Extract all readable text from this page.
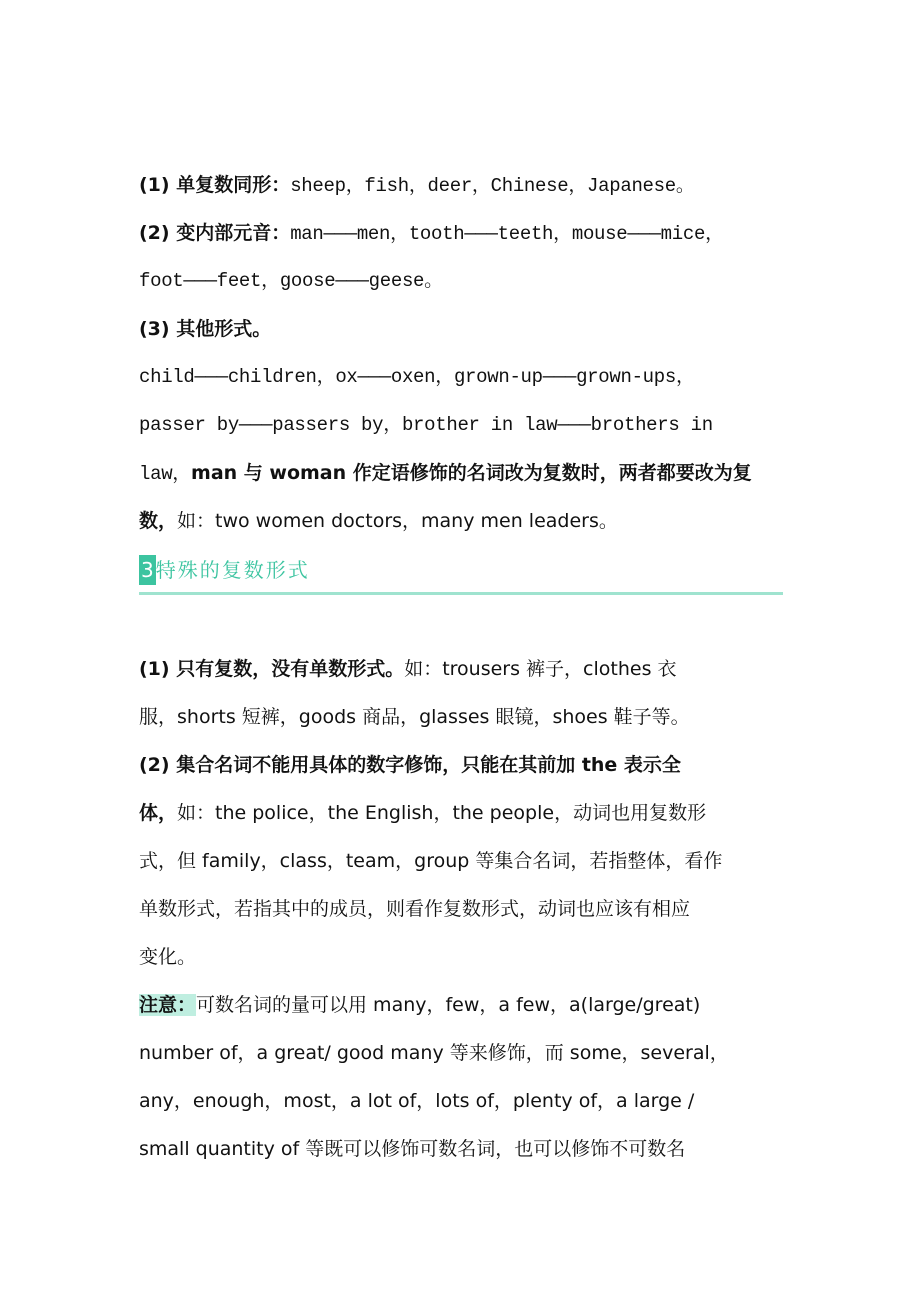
(1) 单复数同形：sheep，fish，deer，Chinese，Japanese。
(2) 变内部元音：man———men，tooth———teeth，mouse———mice，
foot———feet，goose———geese。
(3) 其他形式。
child———children，ox———oxen，grown-up———grown-ups，
passer by———passers by，brother in law———brothers in
law，man 与 woman 作定语修饰的名词改为复数时，两者都要改为复
数，如：two women doctors，many men leaders。
3 特殊的复数形式
(1) 只有复数，没有单数形式。如：trousers 裤子，clothes 衣
服，shorts 短裤，goods 商品，glasses 眼镜，shoes 鞋子等。
(2) 集合名词不能用具体的数字修饰，只能在其前加 the 表示全
体，如：the police，the English，the people，动词也用复数形
式，但 family，class，team，group 等集合名词，若指整体，看作
单数形式，若指其中的成员，则看作复数形式，动词也应该有相应
变化。
注意：可数名词的量可以用 many，few，a few，a(large/great)
number of，a great/ good many 等来修饰，而 some，several，
any，enough，most，a lot of，lots of，plenty of，a large /
small quantity of 等既可以修饰可数名词，也可以修饰不可数名
